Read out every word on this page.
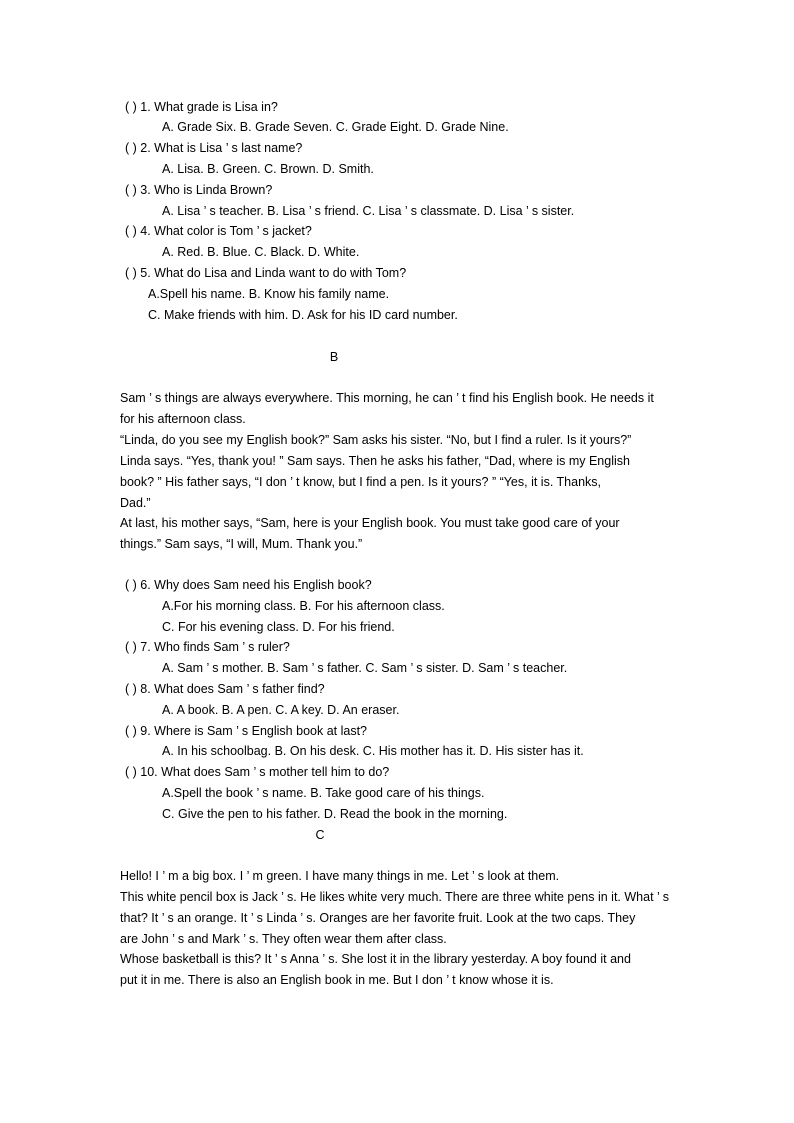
( ) 1. What grade is Lisa in?
A. Grade Six. B. Grade Seven. C. Grade Eight. D. Grade Nine.
( ) 2. What is Lisa ’ s last name?
A. Lisa. B. Green. C. Brown. D. Smith.
( ) 3. Who is Linda Brown?
A. Lisa ’ s teacher. B. Lisa ’ s friend. C. Lisa ’ s classmate. D. Lisa ’ s sister.
( ) 4. What color is Tom ’ s jacket?
A. Red. B. Blue. C. Black. D. White.
( ) 5. What do Lisa and Linda want to do with Tom?
A.Spell his name. B. Know his family name.
C. Make friends with him. D. Ask for his ID card number.
B
Sam ’ s things are always everywhere. This morning, he can ’ t find his English book. He needs it
for his afternoon class.
“Linda, do you see my English book?” Sam asks his sister. “No, but I find a ruler. Is it yours?”
Linda says. “Yes, thank you! ” Sam says. Then he asks his father, “Dad, where is my English
book? ” His father says, “I don ’ t know, but I find a pen. Is it yours? ” “Yes, it is. Thanks,
Dad.”
At last, his mother says, “Sam, here is your English book. You must take good care of your
things.” Sam says, “I will, Mum. Thank you.”
( ) 6. Why does Sam need his English book?
A.For his morning class. B. For his afternoon class.
C. For his evening class. D. For his friend.
( ) 7. Who finds Sam ’ s ruler?
A. Sam ’ s mother. B. Sam ’ s father. C. Sam ’ s sister. D. Sam ’ s teacher.
( ) 8. What does Sam ’ s father find?
A. A book. B. A pen. C. A key. D. An eraser.
( ) 9. Where is Sam ’ s English book at last?
A. In his schoolbag. B. On his desk. C. His mother has it. D. His sister has it.
( ) 10. What does Sam ’ s mother tell him to do?
A.Spell the book ’ s name. B. Take good care of his things.
C. Give the pen to his father. D. Read the book in the morning.
C
Hello! I ’ m a big box. I ’ m green. I have many things in me. Let ’ s look at them.
This white pencil box is Jack ’ s. He likes white very much. There are three white pens in it. What ’ s
that? It ’ s an orange. It ’ s Linda ’ s. Oranges are her favorite fruit. Look at the two caps. They
are John ’ s and Mark ’ s. They often wear them after class.
Whose basketball is this? It ’ s Anna ’ s. She lost it in the library yesterday. A boy found it and
put it in me. There is also an English book in me. But I don ’ t know whose it is.
